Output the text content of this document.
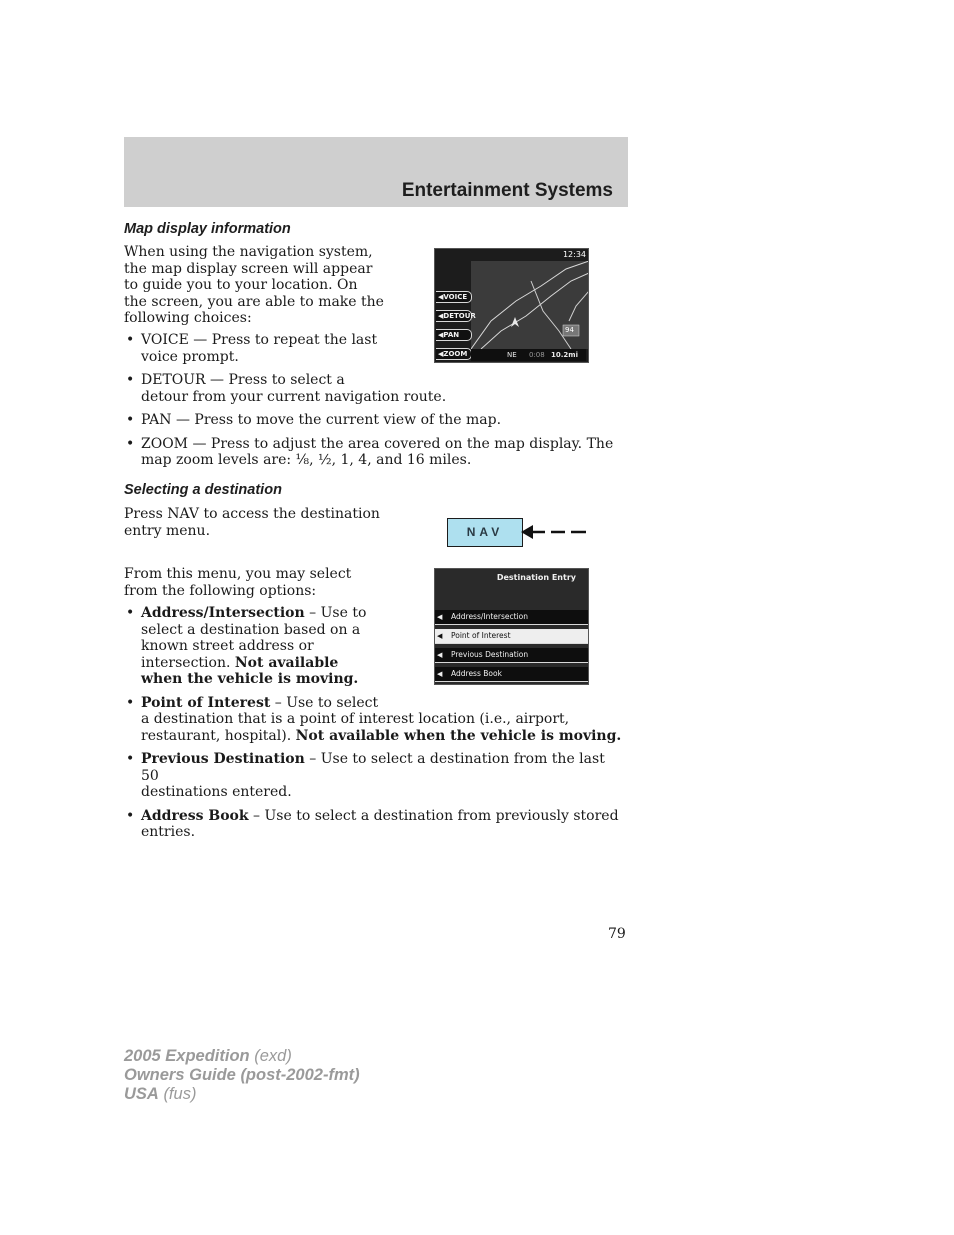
Entertainment Systems
Map display information

When using the navigation system,
the map display screen will appear
to guide you to your location. On
the screen, you are able to make the
following choices:

• VOICE — Press to repeat the last
voice prompt.
• DETOUR — Press to select a
detour from your current navigation route.
• PAN — Press to move the current view of the map.
• ZOOM — Press to adjust the area covered on the map display. The
map zoom levels are: ⅛, ½, 1, 4, and 16 miles.
94
12:34
◀VOICE
◀DETOUR
◀PAN
◀ZOOM	NE 0:08 10.2mi
Selecting a destination

Press NAV to access the destination
entry menu.	NAV

From this menu, you may select
from the following options:

• Address/Intersection – Use to
select a destination based on a
known street address or
intersection. Not available
when the vehicle is moving.
• Point of Interest – Use to select
a destination that is a point of interest location (i.e., airport,
restaurant, hospital). Not available when the vehicle is moving.
• Previous Destination – Use to select a destination from the last 50
destinations entered.
• Address Book – Use to select a destination from previously stored
entries.
Destination Entry
◀ Address/Intersection
◀ Point of Interest
◀ Previous Destination
◀ Address Book
79
2005 Expedition (exd)
Owners Guide (post-2002-fmt)
USA (fus)
